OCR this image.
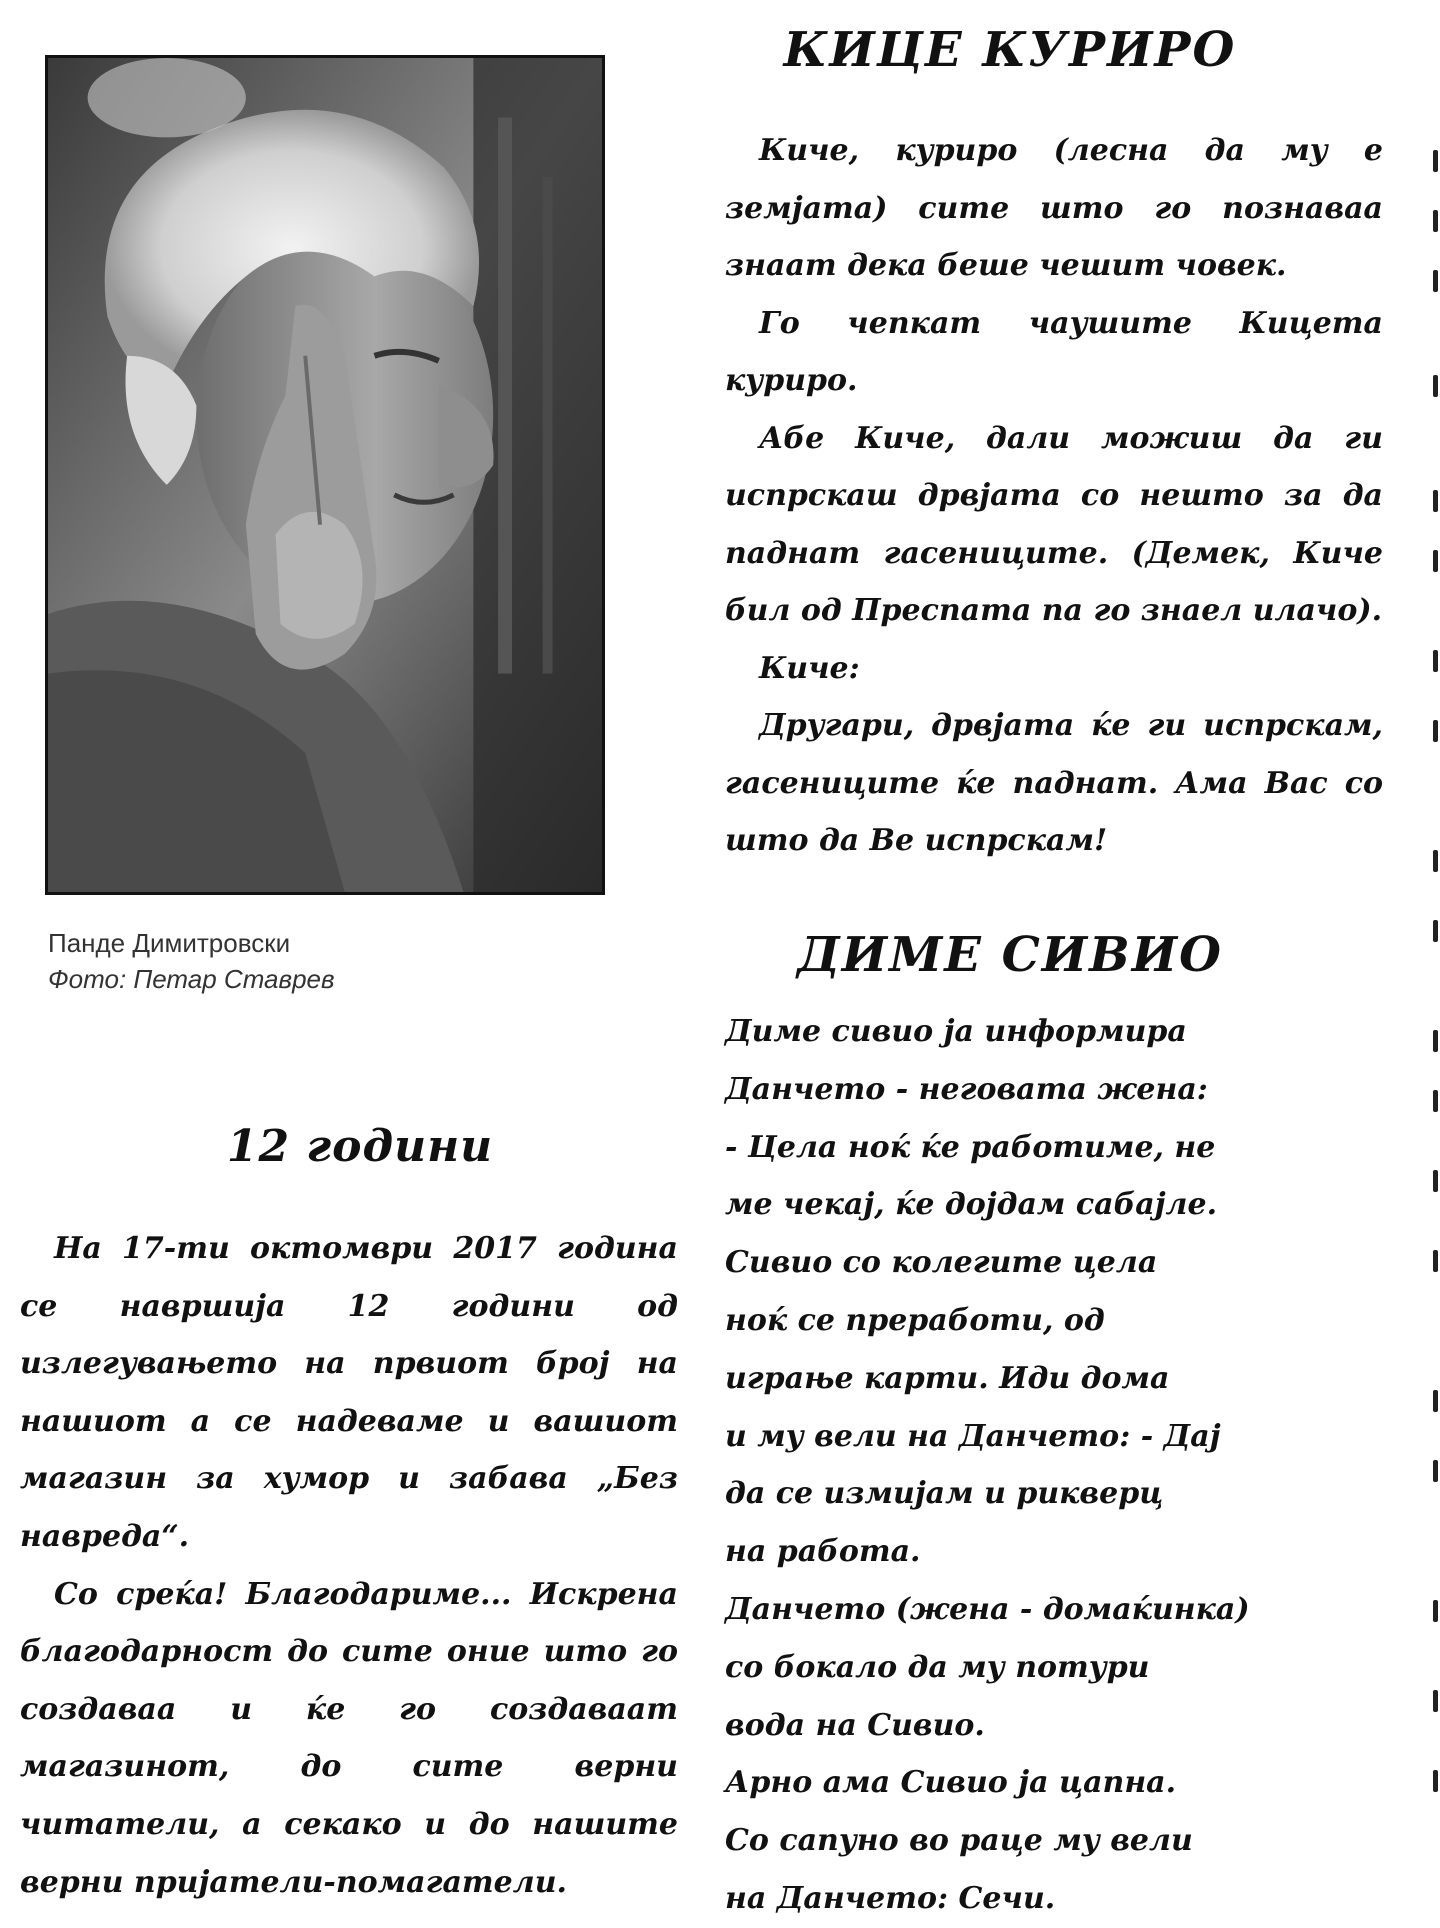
Панде Димитровски
Фото: Петар Ставрев
КИЦЕ КУРИРО

Киче, куриро (лесна да му е земјата) сите што го познаваа знаат дека беше чешит човек.

Го чепкат чаушите Кицета куриро.

Абе Киче, дали можиш да ги испрскаш дрвјата со нешто за да паднат гасениците. (Демек, Киче бил од Преспата па го знаел илачо).

Киче:

Другари, дрвјата ќе ги испрскам, гасениците ќе паднат. Ама Вас со што да Ве испрскам!

ДИМЕ СИВИО
Диме сивио ја информира
Данчето - неговата жена:
- Цела ноќ ќе работиме, не
ме чекај, ќе дојдам сабајле.
Сивио со колегите цела
ноќ се преработи, од
играње карти. Иди дома
и му вели на Данчето: - Дај
да се измијам и рикверц
на работа.
Данчето (жена - домаќинка)
со бокало да му потури
вода на Сивио.
Арно ама Сивио ја цапна.
Со сапуно во раце му вели
на Данчето: Сечи.
12 години

На 17-ти октомври 2017 година се навршија 12 години од излегувањето на првиот број на нашиот а се надеваме и вашиот магазин за хумор и забава „Без навреда“.

Со среќа! Благодариме... Искрена благодарност до сите оние што го создаваа и ќе го создаваат магазинот, до сите верни читатели, а секако и до нашите верни пријатели-помагатели.
